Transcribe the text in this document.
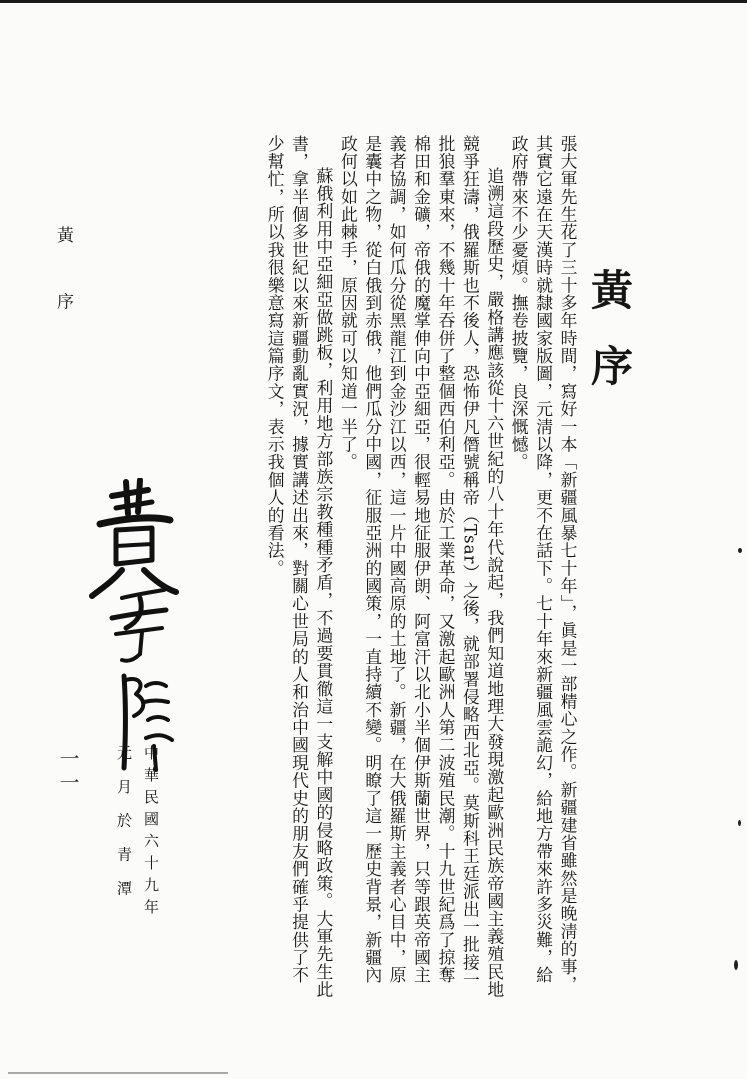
黃序

張大軍先生花了三十多年時間，寫好一本「新疆風暴七十年」，眞是一部精心之作。新疆建省雖然是晚淸的事，其實它遠在天漢時就隸國家版圖，元淸以降，更不在話下。七十年來新疆風雲詭幻，給地方帶來許多災難，給政府帶來不少憂煩。撫卷披覽，良深慨憾。

追溯這段歷史，嚴格講應該從十六世紀的八十年代說起，我們知道地理大發現激起歐洲民族帝國主義殖民地競爭狂濤，俄羅斯也不後人，恐怖伊凡僭號稱帝（Tsar）之後，就部署侵略西北亞。莫斯科王廷派出一批接一批狼羣東來，不幾十年吞併了整個西伯利亞。由於工業革命，又激起歐洲人第二波殖民潮。十九世紀爲了掠奪棉田和金礦，帝俄的魔掌伸向中亞細亞，很輕易地征服伊朗、阿富汗以北小半個伊斯蘭世界，只等跟英帝國主義者協調，如何瓜分從黑龍江到金沙江以西，這一片中國高原的土地了。新疆，在大俄羅斯主義者心目中，原是囊中之物，從白俄到赤俄，他們瓜分中國，征服亞洲的國策，一直持續不變。明瞭了這一歷史背景，新疆內政何以如此棘手，原因就可以知道一半了。

蘇俄利用中亞細亞做跳板，利用地方部族宗教種種矛盾，不過要貫徹這一支解中國的侵略政策。大軍先生此書，拿半個多世紀以來新疆動亂實況，據實講述出來，對關心世局的人和治中國現代史的朋友們確乎提供了不少幫忙，所以我很樂意寫這篇序文，表示我個人的看法。

中華民國六十九年
元 月 於 青 潭
黃 序
一一
